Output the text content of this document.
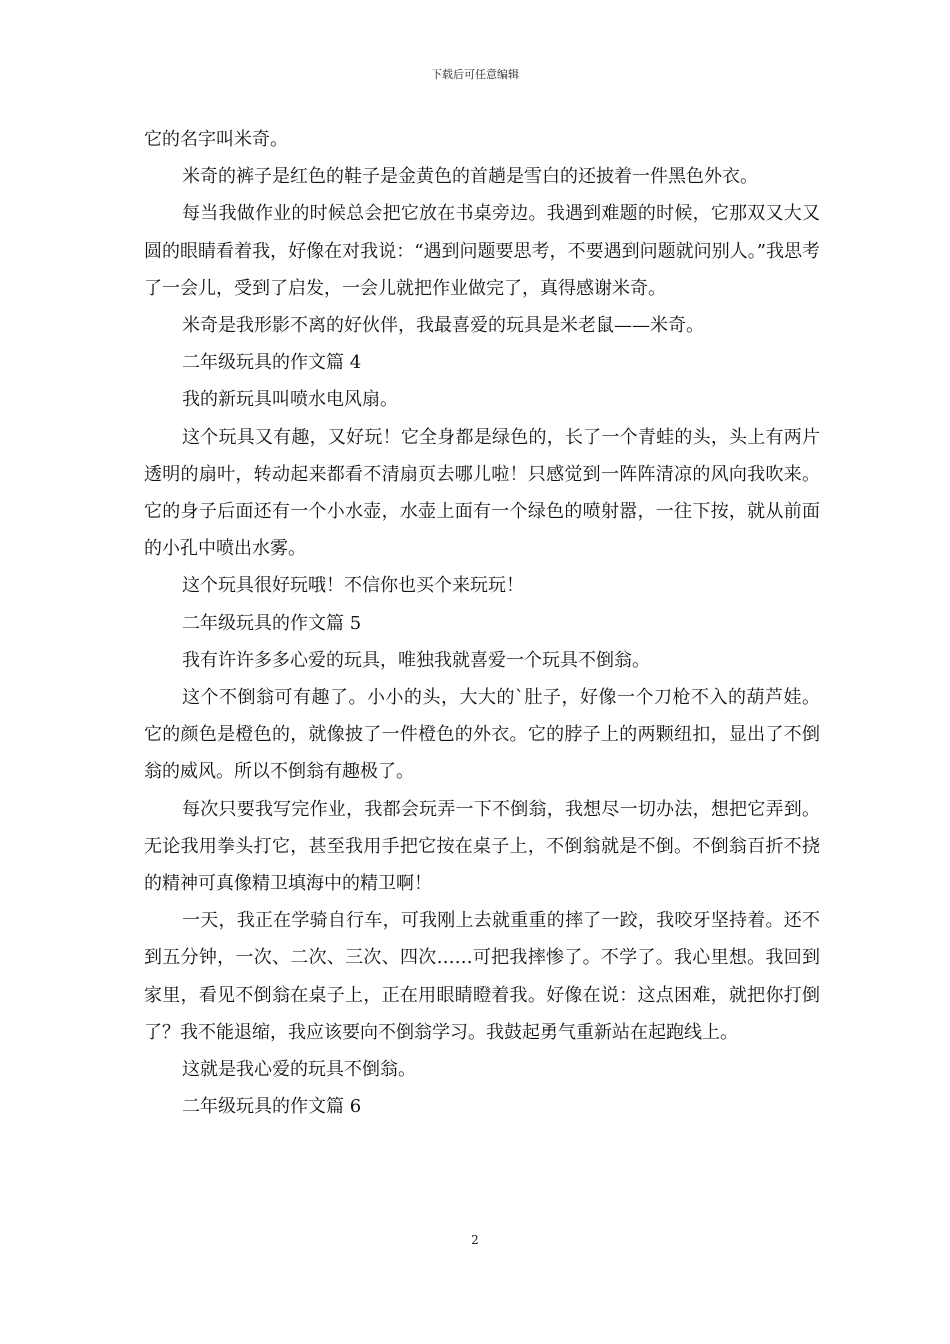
下载后可任意编辑

它的名字叫米奇。

米奇的裤子是红色的鞋子是金黄色的首趟是雪白的还披着一件黑色外衣。

每当我做作业的时候总会把它放在书桌旁边。我遇到难题的时候，它那双又大又圆的眼睛看着我，好像在对我说：“遇到问题要思考，不要遇到问题就问别人。”我思考了一会儿，受到了启发，一会儿就把作业做完了，真得感谢米奇。

米奇是我形影不离的好伙伴，我最喜爱的玩具是米老鼠——米奇。

二年级玩具的作文篇 4

我的新玩具叫喷水电风扇。

这个玩具又有趣，又好玩！它全身都是绿色的，长了一个青蛙的头，头上有两片透明的扇叶，转动起来都看不清扇页去哪儿啦！只感觉到一阵阵清凉的风向我吹来。它的身子后面还有一个小水壶，水壶上面有一个绿色的喷射嚣，一往下按，就从前面的小孔中喷出水雾。

这个玩具很好玩哦！不信你也买个来玩玩！

二年级玩具的作文篇 5

我有许许多多心爱的玩具，唯独我就喜爱一个玩具不倒翁。

这个不倒翁可有趣了。小小的头，大大的`肚子，好像一个刀枪不入的葫芦娃。它的颜色是橙色的，就像披了一件橙色的外衣。它的脖子上的两颗纽扣，显出了不倒翁的威风。所以不倒翁有趣极了。

每次只要我写完作业，我都会玩弄一下不倒翁，我想尽一切办法，想把它弄到。无论我用拳头打它，甚至我用手把它按在桌子上，不倒翁就是不倒。不倒翁百折不挠的精神可真像精卫填海中的精卫啊！

一天，我正在学骑自行车，可我刚上去就重重的摔了一跤，我咬牙坚持着。还不到五分钟，一次、二次、三次、四次……可把我摔惨了。不学了。我心里想。我回到家里，看见不倒翁在桌子上，正在用眼睛瞪着我。好像在说：这点困难，就把你打倒了？我不能退缩，我应该要向不倒翁学习。我鼓起勇气重新站在起跑线上。

这就是我心爱的玩具不倒翁。

二年级玩具的作文篇 6

2
